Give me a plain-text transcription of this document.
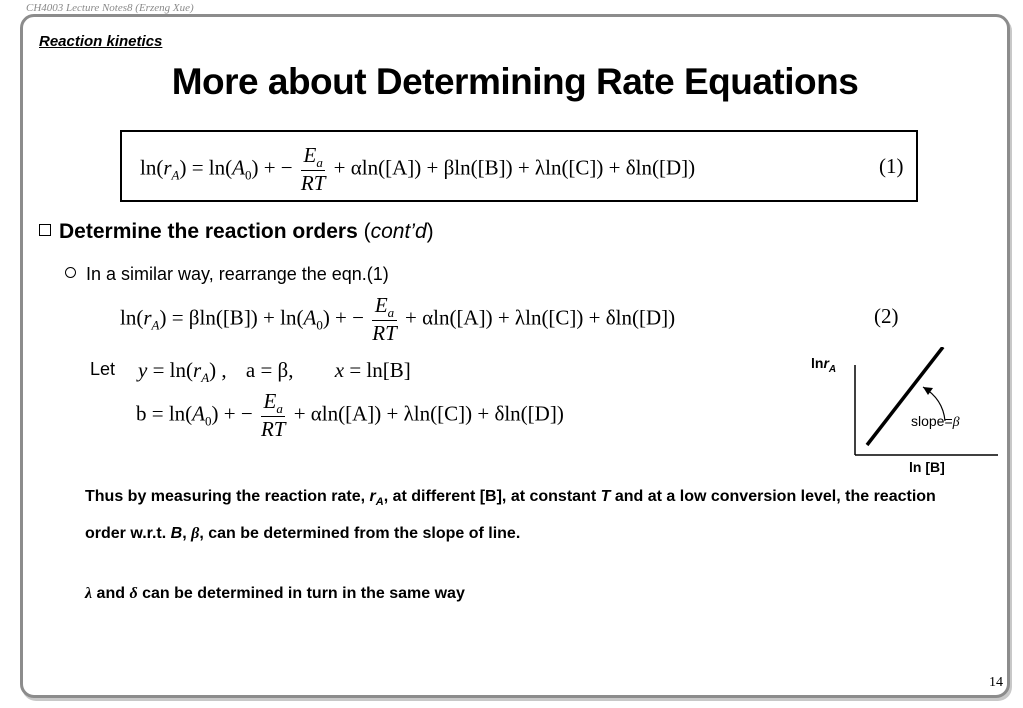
CH4003 Lecture Notes8 (Erzeng Xue)
Reaction kinetics
More about Determining Rate Equations
$\ln(r_A) = \ln(A_0)$ + − $\frac{E_a}{RT} + \alpha\ln([A]) + \beta\ln([B]) + \lambda\ln([C]) + \delta\ln([D])$	(1)
Determine the reaction orders (cont’d)
In a similar way, rearrange the eqn.(1)
$\ln(r_A) = \beta\ln([B]) + \ln(A_0)$ + − $\frac{E_a}{RT} + \alpha\ln([A]) + \lambda\ln([C]) + \delta\ln([D])$	(2)
Let $y = \ln(r_A)$ , a = β, x = ln[B]
$b = \ln(A_0)$ + − $\frac{E_a}{RT} + \alpha\ln([A]) + \lambda\ln([C]) + \delta\ln([D])$
lnr$_A$
slope=β
ln [B]
Thus by measuring the reaction rate, $r_A$, at different [B], at constant T and at a low conversion level, the reaction order w.r.t. B, β, can be determined from the slope of line.
λ and δ can be determined in turn in the same way
14
